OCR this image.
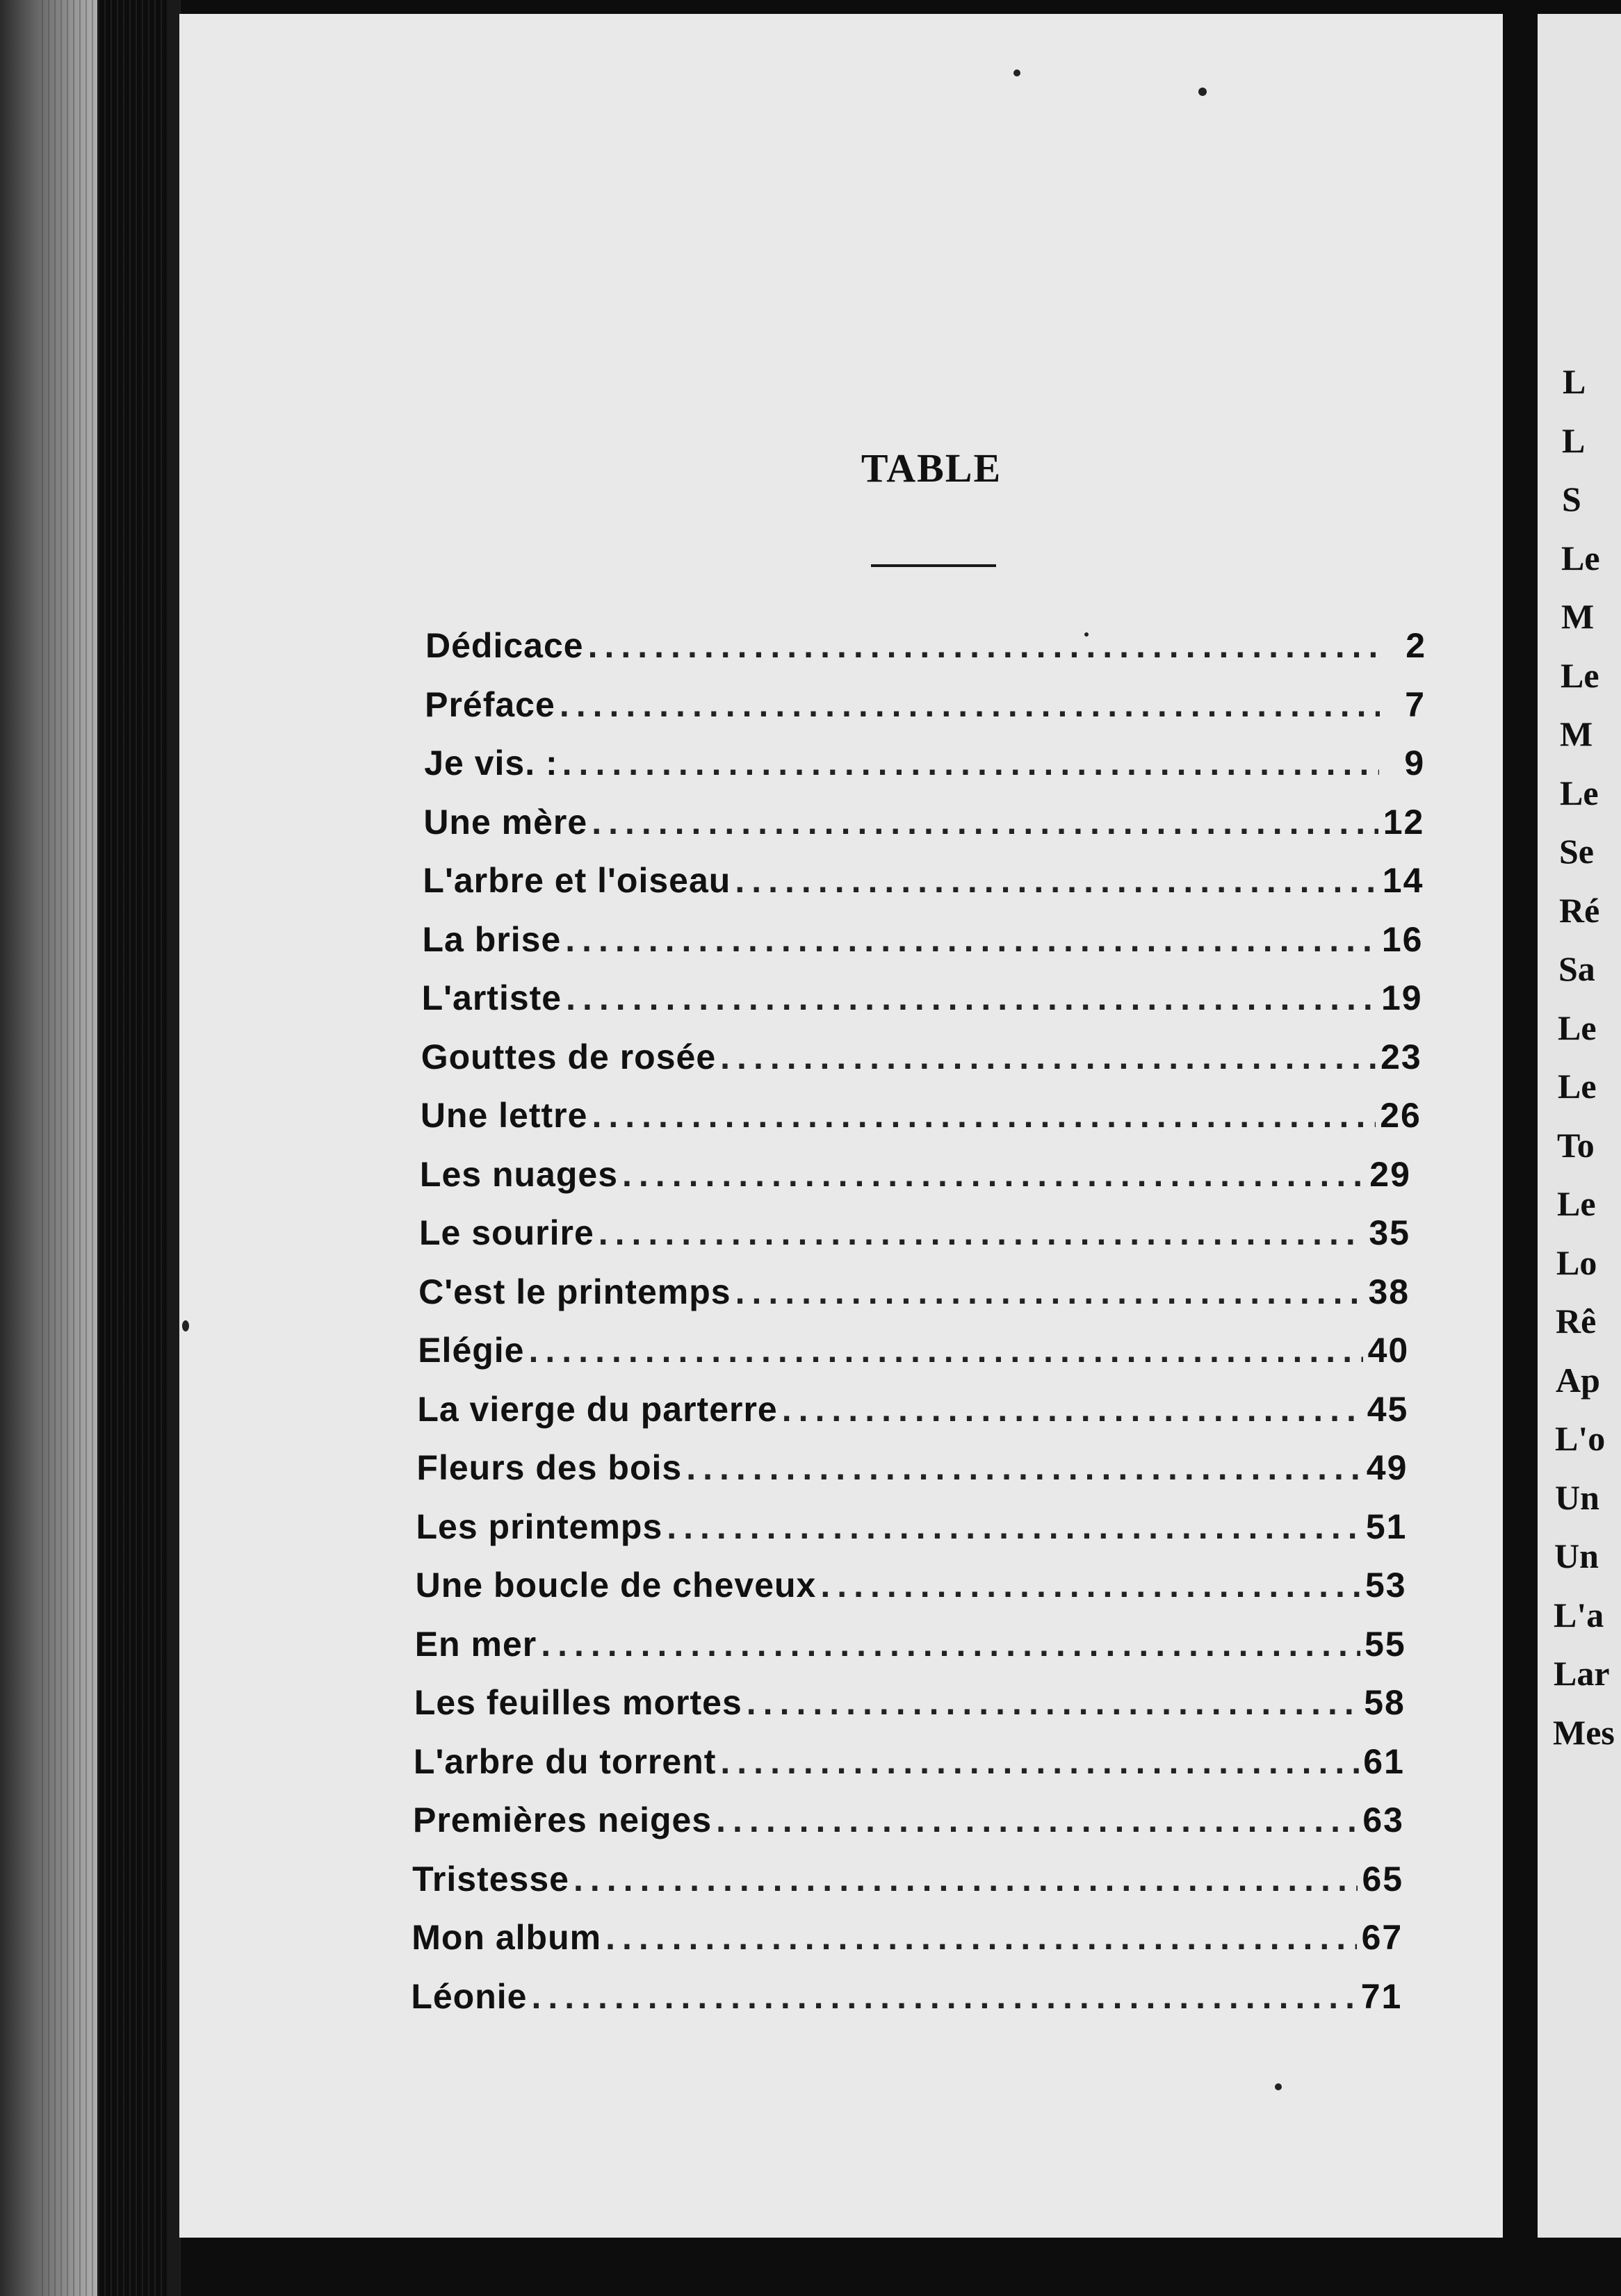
TABLE
Dédicace .....	2
Préface .....	7
Je vis. : .....	9
Une mère .....	12
L'arbre et l'oiseau .....	14
La brise .....	16
L'artiste .....	19
Gouttes de rosée .....	23
Une lettre .....	26
Les nuages .....	29
Le sourire .....	35
C'est le printemps .....	38
Elégie .....	40
La vierge du parterre .....	45
Fleurs des bois .....	49
Les printemps .....	51
Une boucle de cheveux .....	53
En mer .....	55
Les feuilles mortes .....	58
L'arbre du torrent .....	61
Premières neiges .....	63
Tristesse .....	65
Mon album .....	67
Léonie .....	71
L
L
S
Le
M
Le
M
Le
Se
Ré
Sa
Le
Le
To
Le
Lo
Rê
Ap
L'o
Un
Un
L'a
Lar
Mes
